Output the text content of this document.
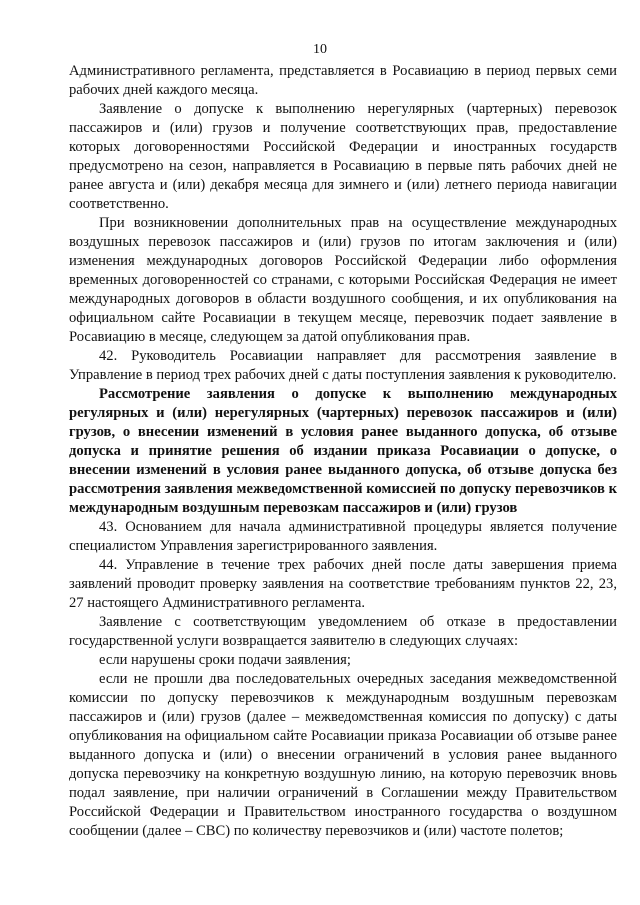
10

Административного регламента, представляется в Росавиацию в период первых семи рабочих дней каждого месяца.

Заявление о допуске к выполнению нерегулярных (чартерных) перевозок пассажиров и (или) грузов и получение соответствующих прав, предоставление которых договоренностями Российской Федерации и иностранных государств предусмотрено на сезон, направляется в Росавиацию в первые пять рабочих дней не ранее августа и (или) декабря месяца для зимнего и (или) летнего периода навигации соответственно.

При возникновении дополнительных прав на осуществление международных воздушных перевозок пассажиров и (или) грузов по итогам заключения и (или) изменения международных договоров Российской Федерации либо оформления временных договоренностей со странами, с которыми Российская Федерация не имеет международных договоров в области воздушного сообщения, и их опубликования на официальном сайте Росавиации в текущем месяце, перевозчик подает заявление в Росавиацию в месяце, следующем за датой опубликования прав.

42. Руководитель Росавиации направляет для рассмотрения заявление в Управление в период трех рабочих дней с даты поступления заявления к руководителю.

Рассмотрение заявления о допуске к выполнению международных регулярных и (или) нерегулярных (чартерных) перевозок пассажиров и (или) грузов, о внесении изменений в условия ранее выданного допуска, об отзыве допуска и принятие решения об издании приказа Росавиации о допуске, о внесении изменений в условия ранее выданного допуска, об отзыве допуска без рассмотрения заявления межведомственной комиссией по допуску перевозчиков к международным воздушным перевозкам пассажиров и (или) грузов

43. Основанием для начала административной процедуры является получение специалистом Управления зарегистрированного заявления.

44. Управление в течение трех рабочих дней после даты завершения приема заявлений проводит проверку заявления на соответствие требованиям пунктов 22, 23, 27 настоящего Административного регламента.

Заявление с соответствующим уведомлением об отказе в предоставлении государственной услуги возвращается заявителю в следующих случаях:

если нарушены сроки подачи заявления;

если не прошли два последовательных очередных заседания межведомственной комиссии по допуску перевозчиков к международным воздушным перевозкам пассажиров и (или) грузов (далее – межведомственная комиссия по допуску) с даты опубликования на официальном сайте Росавиации приказа Росавиации об отзыве ранее выданного допуска и (или) о внесении ограничений в условия ранее выданного допуска перевозчику на конкретную воздушную линию, на которую перевозчик вновь подал заявление, при наличии ограничений в Соглашении между Правительством Российской Федерации и Правительством иностранного государства о воздушном сообщении (далее – СВС) по количеству перевозчиков и (или) частоте полетов;
